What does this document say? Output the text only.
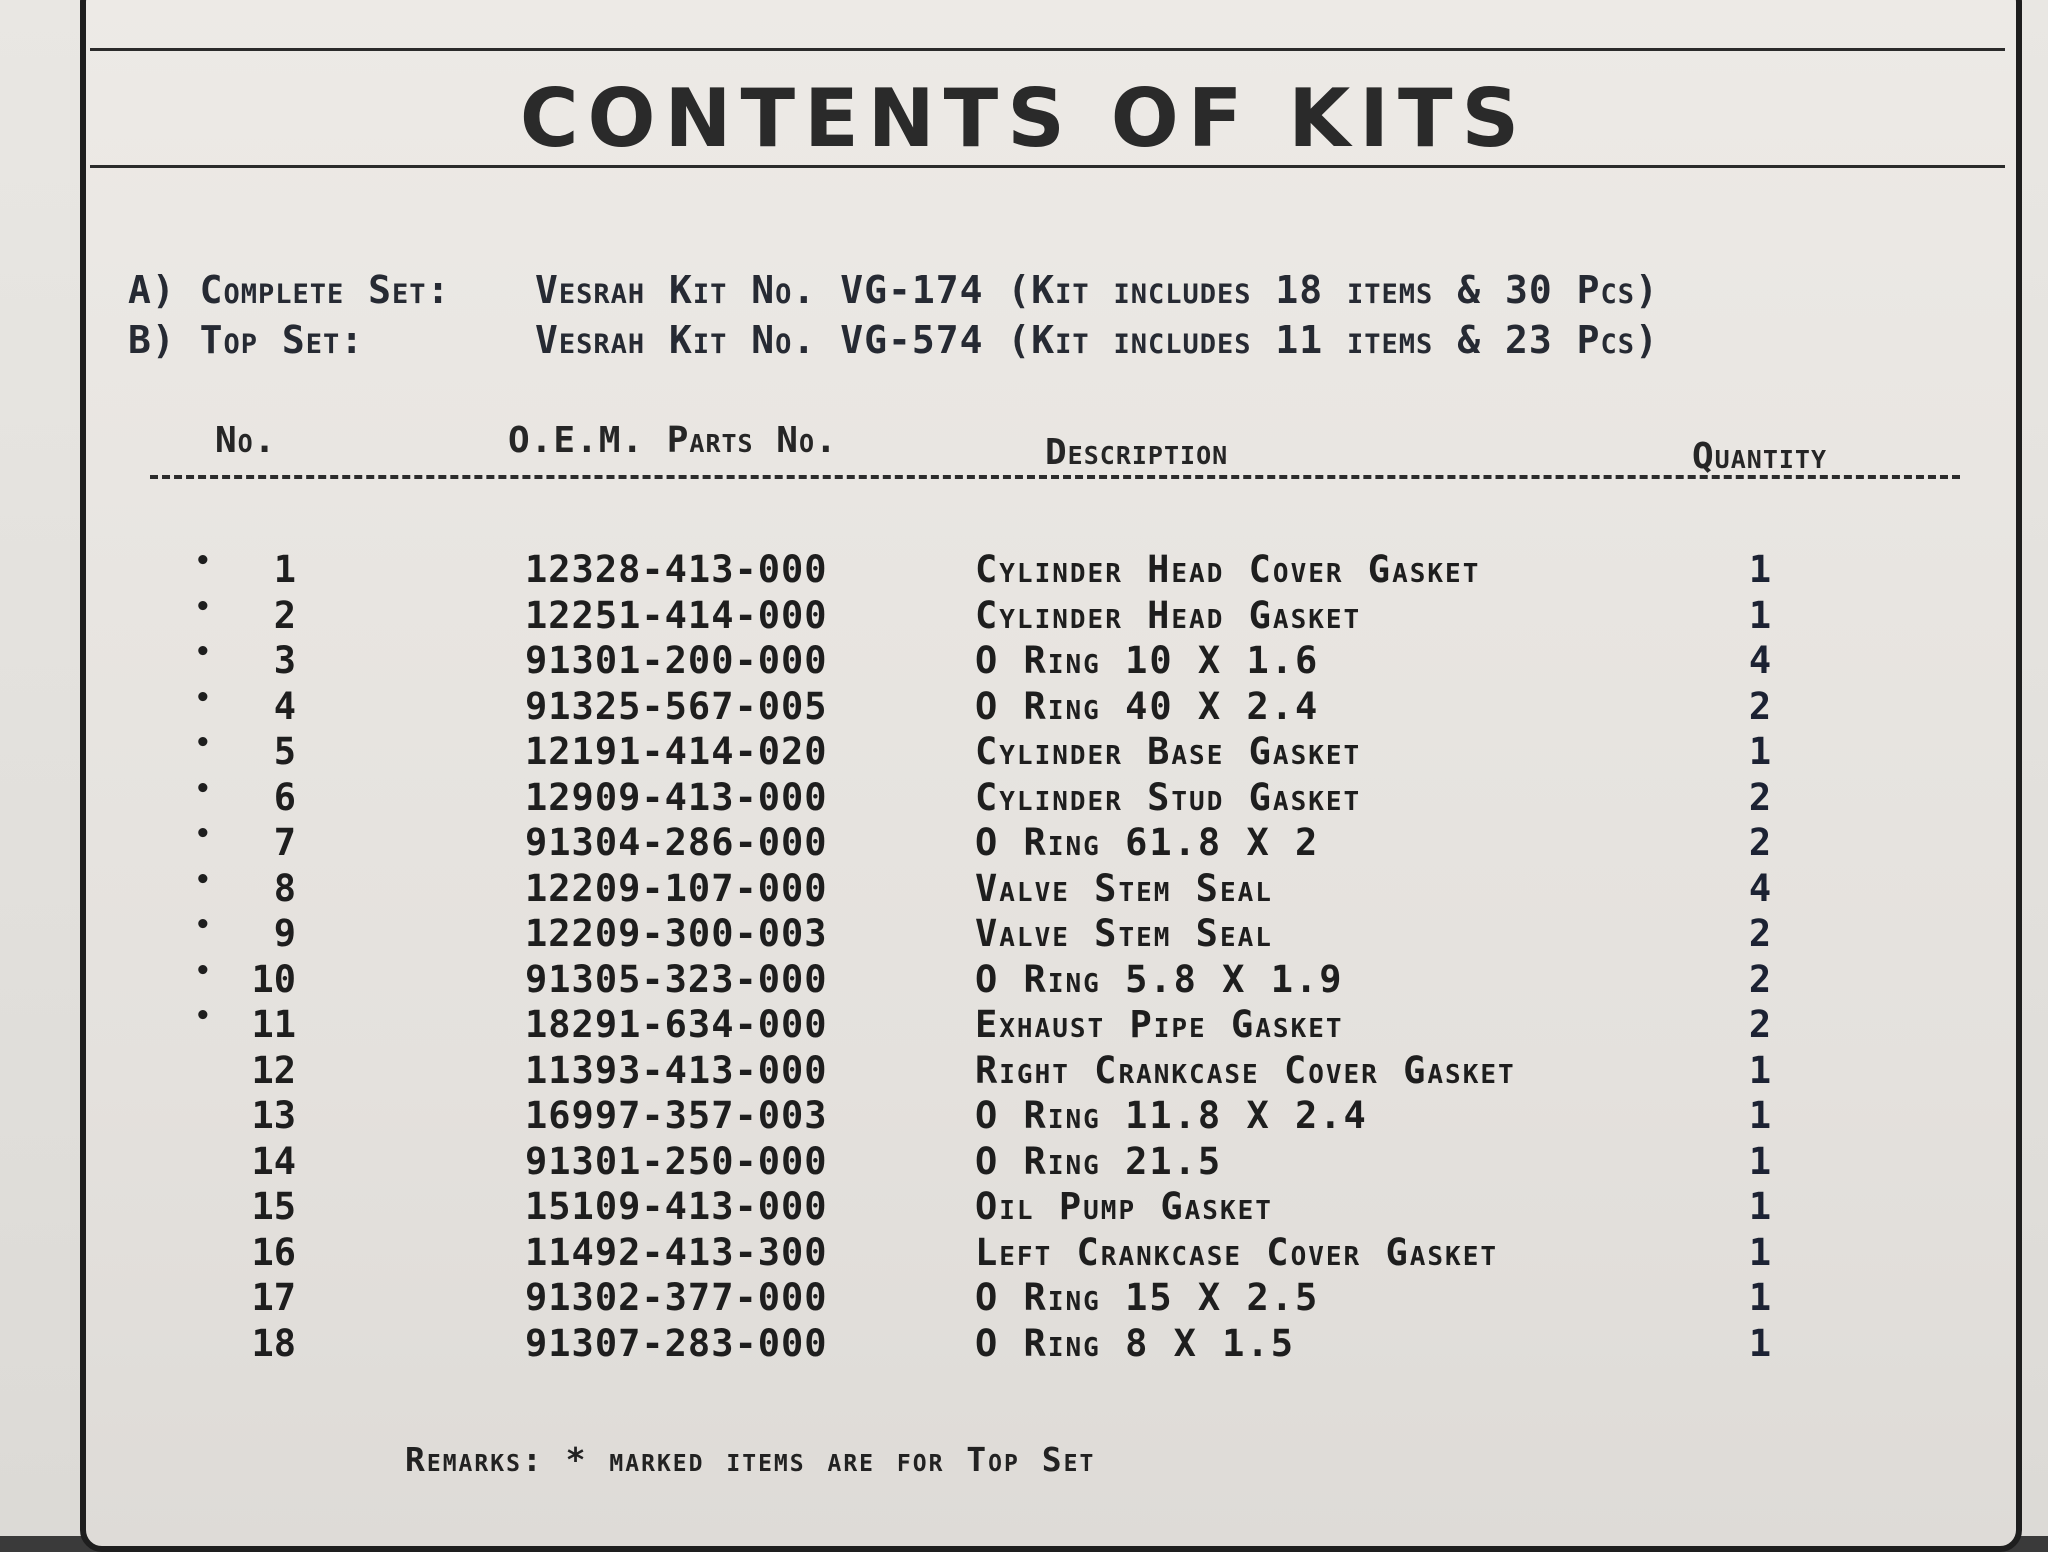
CONTENTS OF KITS
A) Complete Set: Vesrah Kit No. VG-174 (Kit includes 18 items & 30 Pcs)
B) Top Set:	Vesrah Kit No. VG-574 (Kit includes 11 items & 23 Pcs)
No.	O.E.M. Parts No.	Description	Quantity
•	1	12328-413-000	Cylinder Head Cover Gasket	1
•	2	12251-414-000	Cylinder Head Gasket	1
•	3	91301-200-000	O Ring 10 X 1.6	4
•	4	91325-567-005	O Ring 40 X 2.4	2
•	5	12191-414-020	Cylinder Base Gasket	1
•	6	12909-413-000	Cylinder Stud Gasket	2
•	7	91304-286-000	O Ring 61.8 X 2	2
•	8	12209-107-000	Valve Stem Seal	4
•	9	12209-300-003	Valve Stem Seal	2
•	10	91305-323-000	O Ring 5.8 X 1.9	2
•	11	18291-634-000	Exhaust Pipe Gasket	2
12	11393-413-000	Right Crankcase Cover Gasket	1
13	16997-357-003	O Ring 11.8 X 2.4	1
14	91301-250-000	O Ring 21.5	1
15	15109-413-000	Oil Pump Gasket	1
16	11492-413-300	Left Crankcase Cover Gasket	1
17	91302-377-000	O Ring 15 X 2.5	1
18	91307-283-000	O Ring 8 X 1.5	1
Remarks: * marked items are for Top Set
